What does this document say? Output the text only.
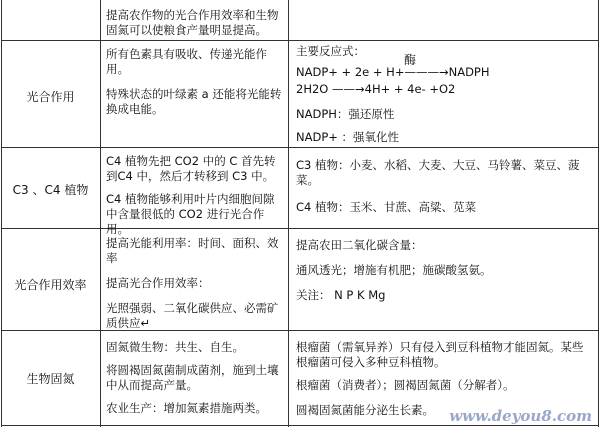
提高农作物的光合作用效率和生物固氮可以使粮食产量明显提高。

光合作用

所有色素具有吸收、传递光能作用。

特殊状态的叶绿素 a 还能将光能转换成电能。

主要反应式：

酶

NADP+ + 2e + H+———→NADPH

2H2O ——→4H+ + 4e- +O2

NADPH：强还原性

NADP+ ：强氧化性

C3 、C4 植物

C4 植物先把 CO2 中的 C 首先转到C4 中，然后才转移到 C3 中。

C4 植物能够利用叶片内细胞间隙中含量很低的 CO2 进行光合作用。

C3 植物：小麦、水稻、大麦、大豆、马铃薯、菜豆、菠菜。

C4 植物：玉米、甘蔗、高粱、苋菜

光合作用效率

提高光能利用率：时间、面积、效率

提高光合作用效率：

光照强弱、二氧化碳供应、必需矿质供应↵

提高农田二氧化碳含量：

通风透光；增施有机肥；施碳酸氢氨。

关注： N P K Mg

生物固氮

固氮微生物：共生、自生。

将圆褐固氮菌制成菌剂，施到土壤中从而提高产量。

农业生产：增加氮素措施两类。

根瘤菌（需氧异养）只有侵入到豆科植物才能固氮。某些根瘤菌可侵入多种豆科植物。

根瘤菌（消费者）；圆褐固氮菌（分解者）。

圆褐固氮菌能分泌生长素。	www.deyou8.com
